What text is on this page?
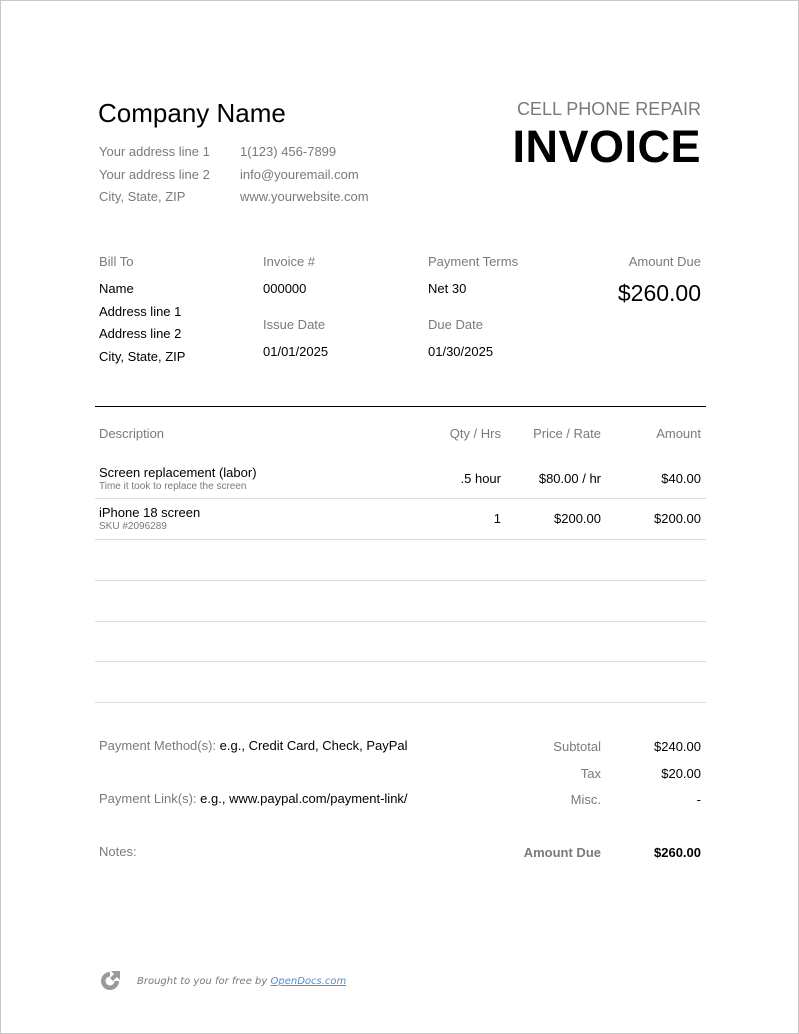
Company Name
Your address line 1
Your address line 2
City, State, ZIP
1(123) 456-7899
info@youremail.com
www.yourwebsite.com
CELL PHONE REPAIR
INVOICE
Bill To
Name
Address line 1
Address line 2
City, State, ZIP
Invoice #
000000
Issue Date
01/01/2025
Payment Terms
Net 30
Due Date
01/30/2025
Amount Due
$260.00
Description	Qty / Hrs Price / Rate	Amount
Screen replacement (labor)
Time it took to replace the screen
.5 hour	$80.00 / hr	$40.00
iPhone 18 screen
SKU #2096289
1	$200.00	$200.00
Payment Method(s): e.g., Credit Card, Check, PayPal
Payment Link(s): e.g., www.paypal.com/payment-link/
Notes:
Subtotal	$240.00
Tax	$20.00
Misc.	-
Amount Due	$260.00
Brought to you for free by OpenDocs.com
